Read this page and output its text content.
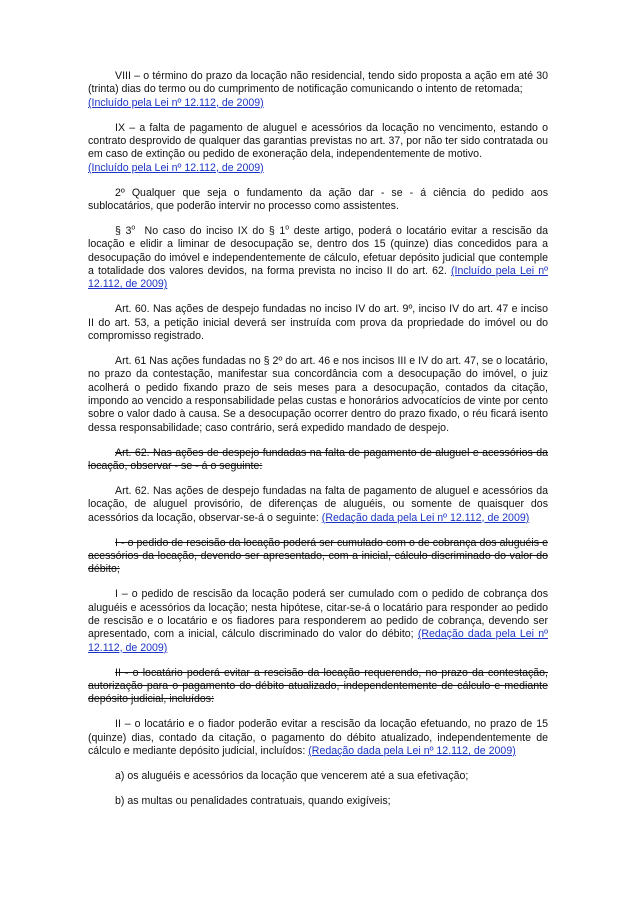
VIII – o término do prazo da locação não residencial, tendo sido proposta a ação em até 30 (trinta) dias do termo ou do cumprimento de notificação comunicando o intento de retomada;
(Incluído pela Lei nº 12.112, de 2009)

IX – a falta de pagamento de aluguel e acessórios da locação no vencimento, estando o contrato desprovido de qualquer das garantias previstas no art. 37, por não ter sido contratada ou em caso de extinção ou pedido de exoneração dela, independentemente de motivo.
(Incluído pela Lei nº 12.112, de 2009)

2º Qualquer que seja o fundamento da ação dar - se - á ciência do pedido aos sublocatários, que poderão intervir no processo como assistentes.

§ 3$^o$ No caso do inciso IX do § 1$^o$ deste artigo, poderá o locatário evitar a rescisão da locação e elidir a liminar de desocupação se, dentro dos 15 (quinze) dias concedidos para a desocupação do imóvel e independentemente de cálculo, efetuar depósito judicial que contemple a totalidade dos valores devidos, na forma prevista no inciso II do art. 62. (Incluído pela Lei nº 12.112, de 2009)

Art. 60. Nas ações de despejo fundadas no inciso IV do art. 9º, inciso IV do art. 47 e inciso II do art. 53, a petição inicial deverá ser instruída com prova da propriedade do imóvel ou do compromisso registrado.

Art. 61 Nas ações fundadas no § 2º do art. 46 e nos incisos III e IV do art. 47, se o locatário, no prazo da contestação, manifestar sua concordância com a desocupação do imóvel, o juiz acolherá o pedido fixando prazo de seis meses para a desocupação, contados da citação, impondo ao vencido a responsabilidade pelas custas e honorários advocatícios de vinte por cento sobre o valor dado à causa. Se a desocupação ocorrer dentro do prazo fixado, o réu ficará isento dessa responsabilidade; caso contrário, será expedido mandado de despejo.

Art. 62. Nas ações de despejo fundadas na falta de pagamento de aluguel e acessórios da locação, observar - se - á o seguinte:

Art. 62. Nas ações de despejo fundadas na falta de pagamento de aluguel e acessórios da locação, de aluguel provisório, de diferenças de aluguéis, ou somente de quaisquer dos acessórios da locação, observar-se-á o seguinte: (Redação dada pela Lei nº 12.112, de 2009)

I - o pedido de rescisão da locação poderá ser cumulado com o de cobrança dos aluguéis e acessórios da locação, devendo ser apresentado, com a inicial, cálculo discriminado do valor do débito;

I – o pedido de rescisão da locação poderá ser cumulado com o pedido de cobrança dos aluguéis e acessórios da locação; nesta hipótese, citar-se-á o locatário para responder ao pedido de rescisão e o locatário e os fiadores para responderem ao pedido de cobrança, devendo ser apresentado, com a inicial, cálculo discriminado do valor do débito; (Redação dada pela Lei nº 12.112, de 2009)

II - o locatário poderá evitar a rescisão da locação requerendo, no prazo da contestação, autorização para o pagamento do débito atualizado, independentemente de cálculo e mediante depósito judicial, incluídos:

II – o locatário e o fiador poderão evitar a rescisão da locação efetuando, no prazo de 15 (quinze) dias, contado da citação, o pagamento do débito atualizado, independentemente de cálculo e mediante depósito judicial, incluídos: (Redação dada pela Lei nº 12.112, de 2009)

a) os aluguéis e acessórios da locação que vencerem até a sua efetivação;

b) as multas ou penalidades contratuais, quando exigíveis;
